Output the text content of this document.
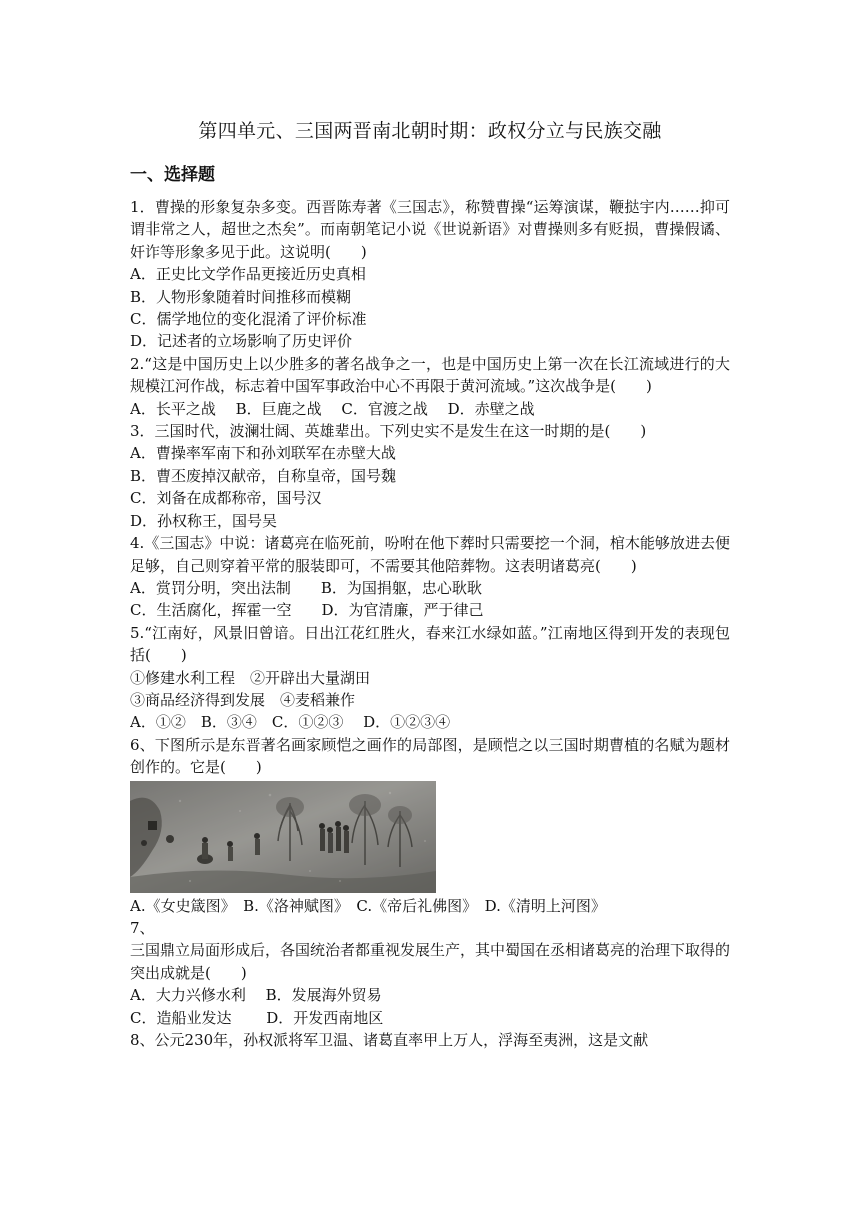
第四单元、三国两晋南北朝时期：政权分立与民族交融
一、选择题

1．曹操的形象复杂多变。西晋陈寿著《三国志》，称赞曹操“运筹演谋，鞭挞宇内……抑可谓非常之人，超世之杰矣”。而南朝笔记小说《世说新语》对曹操则多有贬损，曹操假谲、奸诈等形象多见于此。这说明(　　)

A．正史比文学作品更接近历史真相

B．人物形象随着时间推移而模糊

C．儒学地位的变化混淆了评价标准

D．记述者的立场影响了历史评价

2.“这是中国历史上以少胜多的著名战争之一，也是中国历史上第一次在长江流域进行的大规模江河作战，标志着中国军事政治中心不再限于黄河流域。”这次战争是(　　)

A．长平之战　 B．巨鹿之战　 C．官渡之战　 D．赤壁之战

3．三国时代，波澜壮阔、英雄辈出。下列史实不是发生在这一时期的是(　　)

A．曹操率军南下和孙刘联军在赤壁大战

B．曹丕废掉汉献帝，自称皇帝，国号魏

C．刘备在成都称帝，国号汉

D．孙权称王，国号吴

4.《三国志》中说：诸葛亮在临死前，吩咐在他下葬时只需要挖一个洞，棺木能够放进去便足够，自己则穿着平常的服装即可，不需要其他陪葬物。这表明诸葛亮(　　)

A．赏罚分明，突出法制　　B．为国捐躯，忠心耿耿

C．生活腐化，挥霍一空　　D．为官清廉，严于律己

5.“江南好，风景旧曾谙。日出江花红胜火，春来江水绿如蓝。”江南地区得到开发的表现包括(　　)

①修建水利工程　②开辟出大量湖田

③商品经济得到发展　④麦稻兼作

A．①②　B．③④　C．①②③　 D．①②③④

6、下图所示是东晋著名画家顾恺之画作的局部图，是顾恺之以三国时期曹植的名赋为题材创作的。它是(　　)

A.《女史箴图》　B.《洛神赋图》　C.《帝后礼佛图》　D.《清明上河图》

7、

三国鼎立局面形成后，各国统治者都重视发展生产，其中蜀国在丞相诸葛亮的治理下取得的突出成就是(　　)

A．大力兴修水利　 B．发展海外贸易

C．造船业发达　　 D．开发西南地区

8、公元230年，孙权派将军卫温、诸葛直率甲上万人，浮海至夷洲，这是文献
